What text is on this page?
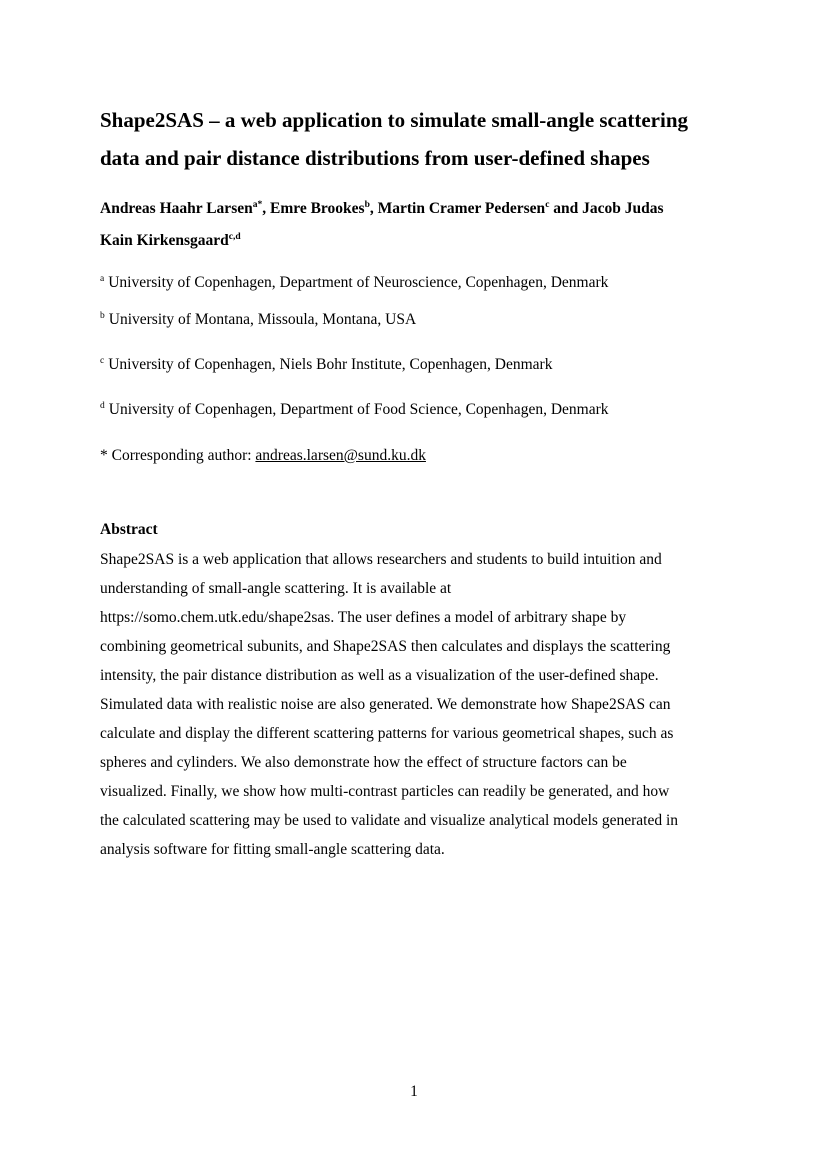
Shape2SAS – a web application to simulate small-angle scattering
data and pair distance distributions from user-defined shapes
Andreas Haahr Larsen$^{a*}$, Emre Brookes$^b$, Martin Cramer Pedersen$^c$ and Jacob Judas
Kain Kirkensgaard$^{c,d}$
$^a$ University of Copenhagen, Department of Neuroscience, Copenhagen, Denmark
$^b$ University of Montana, Missoula, Montana, USA
$^c$ University of Copenhagen, Niels Bohr Institute, Copenhagen, Denmark
$^d$ University of Copenhagen, Department of Food Science, Copenhagen, Denmark
* Corresponding author: andreas.larsen@sund.ku.dk
Abstract
Shape2SAS is a web application that allows researchers and students to build intuition and
understanding of small-angle scattering. It is available at
https://somo.chem.utk.edu/shape2sas. The user defines a model of arbitrary shape by
combining geometrical subunits, and Shape2SAS then calculates and displays the scattering
intensity, the pair distance distribution as well as a visualization of the user-defined shape.
Simulated data with realistic noise are also generated. We demonstrate how Shape2SAS can
calculate and display the different scattering patterns for various geometrical shapes, such as
spheres and cylinders. We also demonstrate how the effect of structure factors can be
visualized. Finally, we show how multi-contrast particles can readily be generated, and how
the calculated scattering may be used to validate and visualize analytical models generated in
analysis software for fitting small-angle scattering data.
1
